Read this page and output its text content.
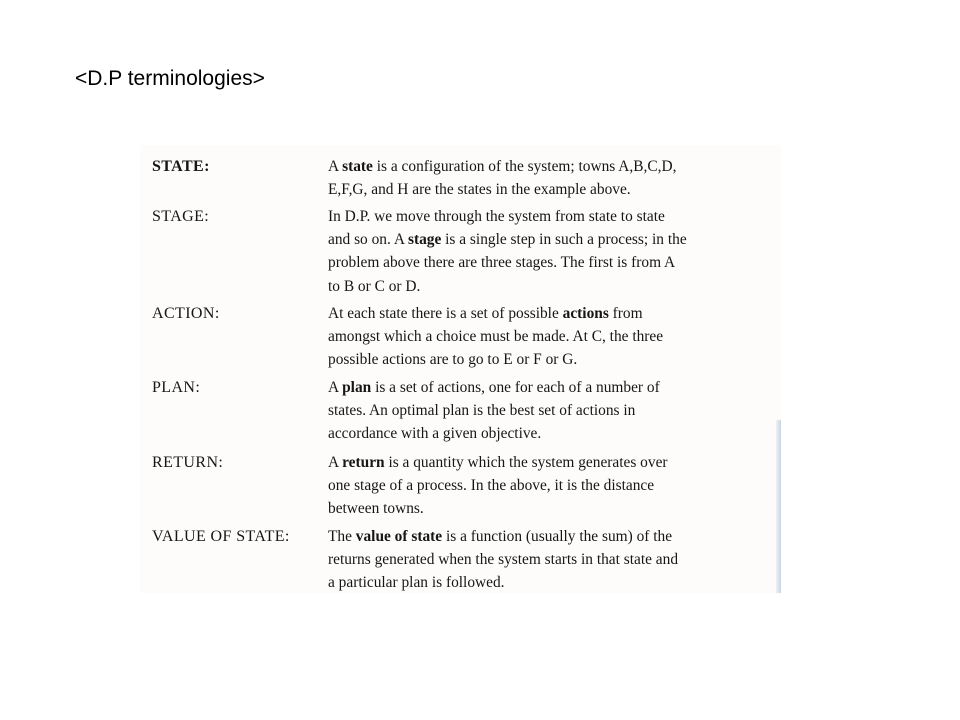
<D.P terminologies>
STATE:	A state is a configuration of the system; towns A,B,C,D,
E,F,G, and H are the states in the example above.
STAGE:	In D.P. we move through the system from state to state
and so on. A stage is a single step in such a process; in the
problem above there are three stages. The first is from A
to B or C or D.
ACTION:	At each state there is a set of possible actions from
amongst which a choice must be made. At C, the three
possible actions are to go to E or F or G.
PLAN:	A plan is a set of actions, one for each of a number of
states. An optimal plan is the best set of actions in
accordance with a given objective.
RETURN:	A return is a quantity which the system generates over
one stage of a process. In the above, it is the distance
between towns.
VALUE OF STATE: The value of state is a function (usually the sum) of the
returns generated when the system starts in that state and
a particular plan is followed.
